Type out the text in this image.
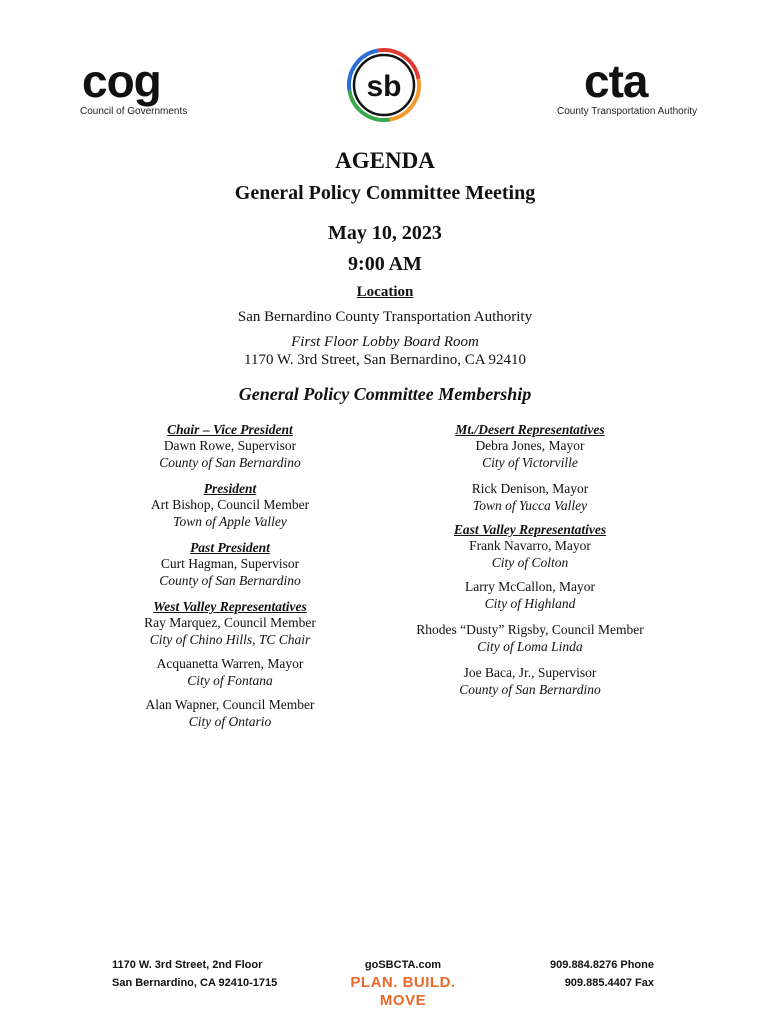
cog
Council of Governments
sb	cta
County Transportation Authority
AGENDA
General Policy Committee Meeting
May 10, 2023
9:00 AM
Location
San Bernardino County Transportation Authority
First Floor Lobby Board Room
1170 W. 3rd Street, San Bernardino, CA 92410
General Policy Committee Membership
Chair – Vice President
Dawn Rowe, Supervisor
County of San Bernardino
President
Art Bishop, Council Member
Town of Apple Valley
Past President
Curt Hagman, Supervisor
County of San Bernardino
West Valley Representatives
Ray Marquez, Council Member
City of Chino Hills, TC Chair
Acquanetta Warren, Mayor
City of Fontana
Alan Wapner, Council Member
City of Ontario
Mt./Desert Representatives
Debra Jones, Mayor
City of Victorville
Rick Denison, Mayor
Town of Yucca Valley
East Valley Representatives
Frank Navarro, Mayor
City of Colton
Larry McCallon, Mayor
City of Highland
Rhodes “Dusty” Rigsby, Council Member
City of Loma Linda
Joe Baca, Jr., Supervisor
County of San Bernardino
1170 W. 3rd Street, 2nd Floor
San Bernardino, CA 92410-1715
goSBCTA.com
PLAN. BUILD. MOVE
909.884.8276 Phone
909.885.4407 Fax
